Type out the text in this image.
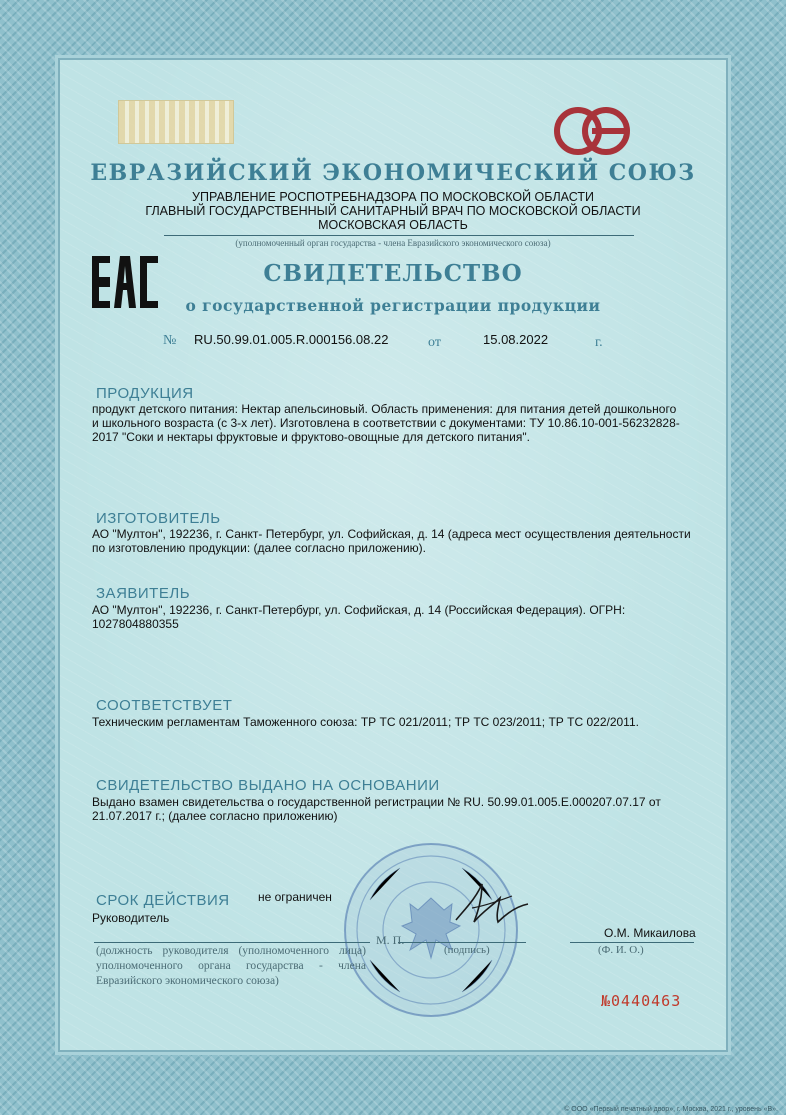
ЕВРАЗИЙСКИЙ ЭКОНОМИЧЕСКИЙ СОЮЗ
УПРАВЛЕНИЕ РОСПОТРЕБНАДЗОРА ПО МОСКОВСКОЙ ОБЛАСТИ
ГЛАВНЫЙ ГОСУДАРСТВЕННЫЙ САНИТАРНЫЙ ВРАЧ ПО МОСКОВСКОЙ ОБЛАСТИ
МОСКОВСКАЯ ОБЛАСТЬ
(уполномоченный орган государства - члена Евразийского экономического союза)
СВИДЕТЕЛЬСТВО
о государственной регистрации продукции
№ RU.50.99.01.005.R.000156.08.22	от	15.08.2022	г.
ПРОДУКЦИЯ
продукт детского питания: Нектар апельсиновый. Область применения: для питания детей дошкольного
и школьного возраста (с 3-х лет). Изготовлена в соответствии с документами: ТУ 10.86.10-001-56232828-
2017 "Соки и нектары фруктовые и фруктово-овощные для детского питания".
ИЗГОТОВИТЕЛЬ
АО "Мултон", 192236, г. Санкт- Петербург, ул. Софийская, д. 14 (адреса мест осуществления деятельности
по изготовлению продукции: (далее согласно приложению).
ЗАЯВИТЕЛЬ
АО "Мултон", 192236, г. Санкт-Петербург, ул. Софийская, д. 14 (Российская Федерация). ОГРН:
1027804880355
СООТВЕТСТВУЕТ
Техническим регламентам Таможенного союза: ТР ТС 021/2011; ТР ТС 023/2011; ТР ТС 022/2011.
СВИДЕТЕЛЬСТВО ВЫДАНО НА ОСНОВАНИИ
Выдано взамен свидетельства о государственной регистрации № RU. 50.99.01.005.Е.000207.07.17 от
21.07.2017 г.; (далее согласно приложению)
СРОК ДЕЙСТВИЯ не ограничен
Руководитель
О.М. Микаилова
М. П.
(подпись)	(Ф. И. О.)
(должность руководителя (уполномоченного лица) уполномоченного органа государства - члена Евразийского экономического союза)
№0440463
© ООО «Первый печатный двор», г. Москва, 2021 г., уровень «В».
